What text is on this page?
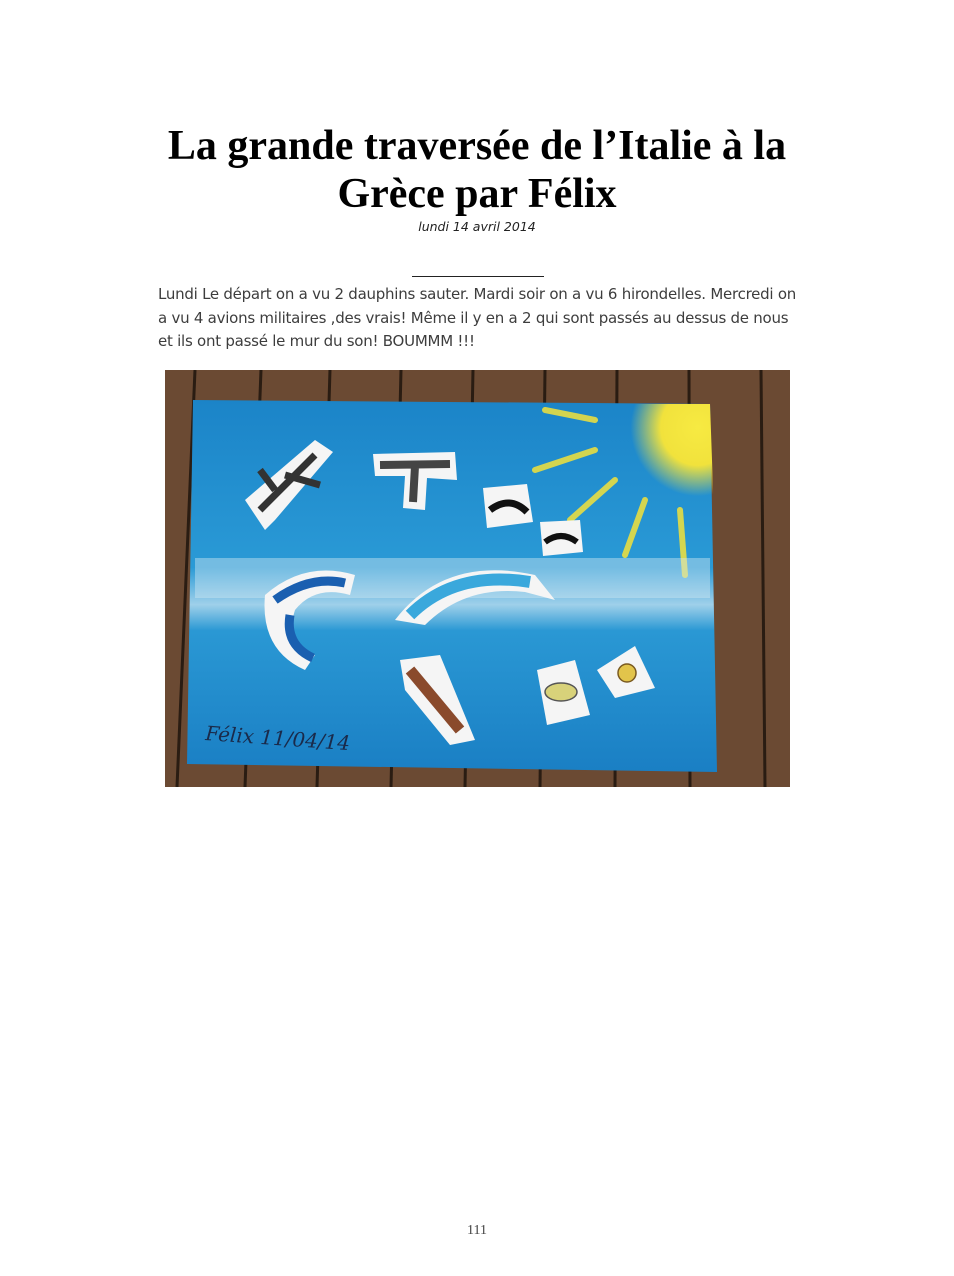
La grande traversée de l’Italie à la Grèce par Félix
lundi 14 avril 2014

Lundi Le départ on a vu 2 dauphins sauter. Mardi soir on a vu 6 hirondelles. Mercredi on a vu 4 avions militaires ,des vrais! Même il y en a 2 qui sont passés au dessus de nous et ils ont passé le mur du son! BOUMMM !!!

Félix 11/04/14
111
